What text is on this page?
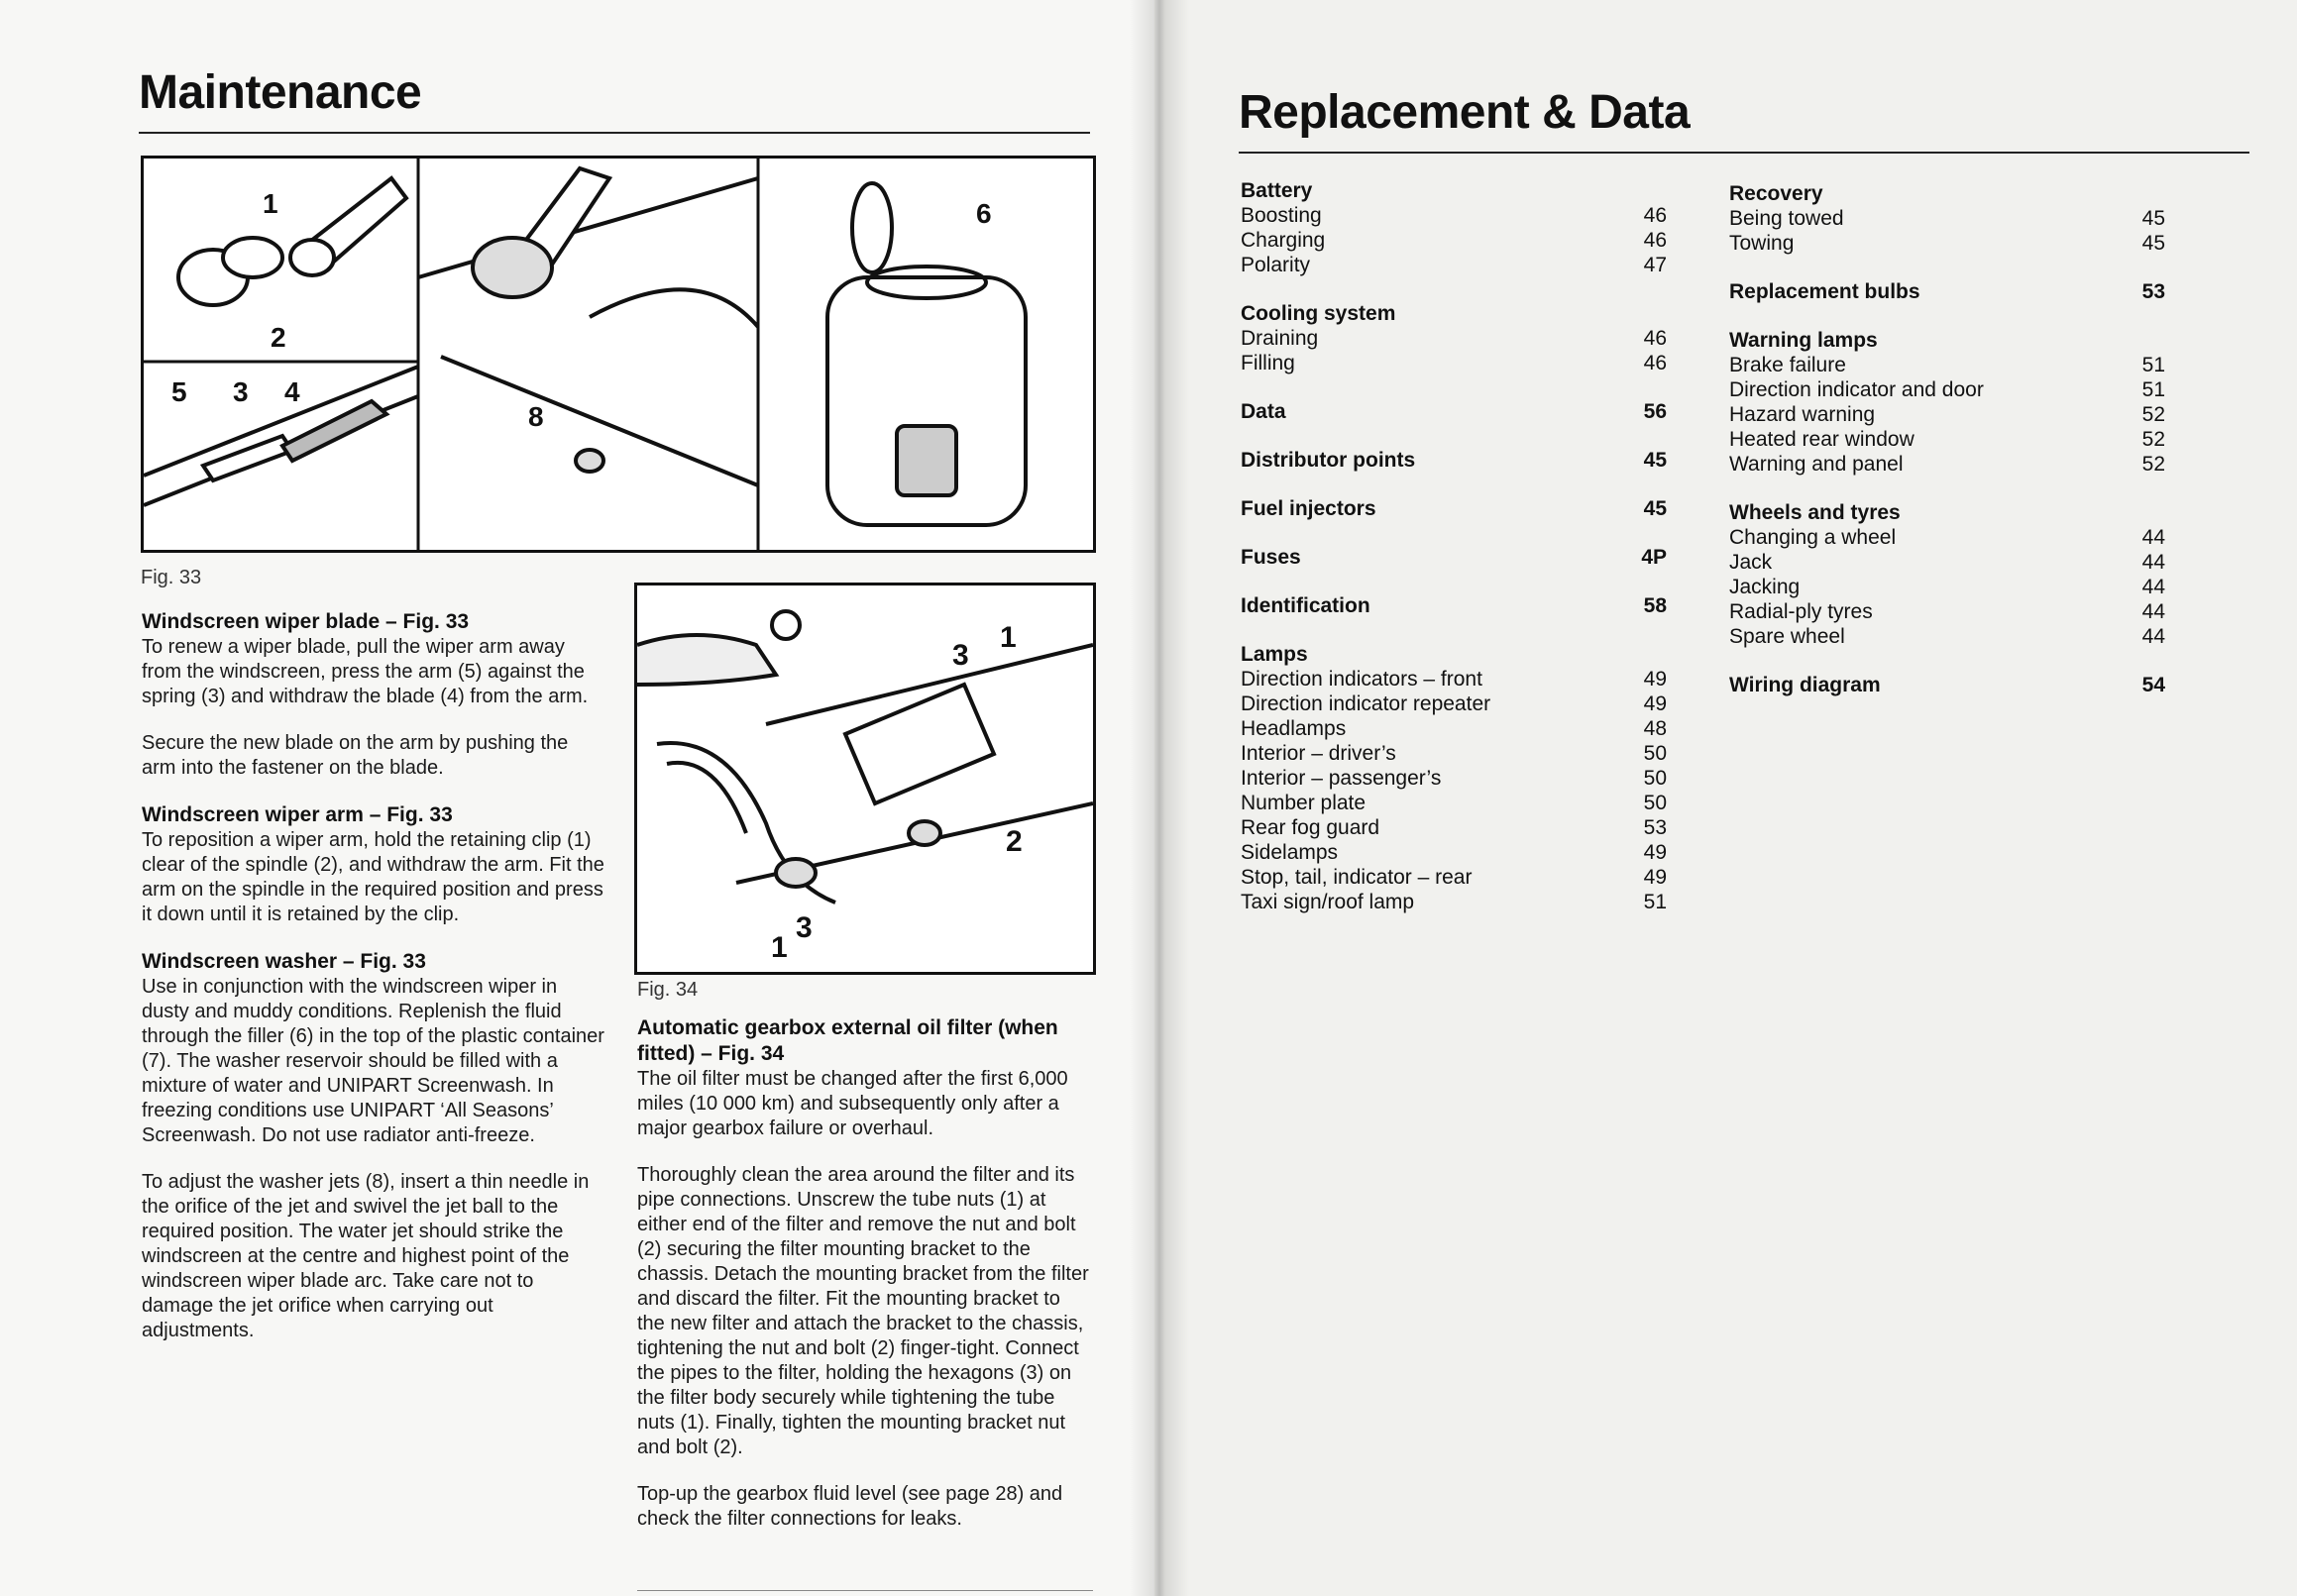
Maintenance
1
2
5 3 4
8
6
Fig. 33
3
1
2
1
3
Fig. 34
Windscreen wiper blade – Fig. 33

To renew a wiper blade, pull the wiper arm away from the windscreen, press the arm (5) against the spring (3) and withdraw the blade (4) from the arm.

Secure the new blade on the arm by pushing the arm into the fastener on the blade.

Windscreen wiper arm – Fig. 33

To reposition a wiper arm, hold the retaining clip (1) clear of the spindle (2), and withdraw the arm. Fit the arm on the spindle in the required position and press it down until it is retained by the clip.

Windscreen washer – Fig. 33

Use in conjunction with the windscreen wiper in dusty and muddy conditions. Replenish the fluid through the filler (6) in the top of the plastic container (7). The washer reservoir should be filled with a mixture of water and UNIPART Screenwash. In freezing conditions use UNIPART ‘All Seasons’ Screenwash. Do not use radiator anti-freeze.

To adjust the washer jets (8), insert a thin needle in the orifice of the jet and swivel the jet ball to the required position. The water jet should strike the windscreen at the centre and highest point of the windscreen wiper blade arc. Take care not to damage the jet orifice when carrying out adjustments.

Automatic gearbox external oil filter (when fitted) – Fig. 34

The oil filter must be changed after the first 6,000 miles (10 000 km) and subsequently only after a major gearbox failure or overhaul.

Thoroughly clean the area around the filter and its pipe connections. Unscrew the tube nuts (1) at either end of the filter and remove the nut and bolt (2) securing the filter mounting bracket to the chassis. Detach the mounting bracket from the filter and discard the filter. Fit the mounting bracket to the new filter and attach the bracket to the chassis, tightening the nut and bolt (2) finger-tight. Connect the pipes to the filter, holding the hexagons (3) on the filter body securely while tightening the tube nuts (1). Finally, tighten the mounting bracket nut and bolt (2).

Top-up the gearbox fluid level (see page 28) and check the filter connections for leaks.

Replacement & Data
Battery
Boosting	46
Charging	46
Polarity	47
Cooling system
Draining	46
Filling	46
Data	56
Distributor points	45
Fuel injectors	45
Fuses	4P
Identification	58
Lamps
Direction indicators – front	49
Direction indicator repeater	49
Headlamps	48
Interior – driver’s	50
Interior – passenger’s	50
Number plate	50
Rear fog guard	53
Sidelamps	49
Stop, tail, indicator – rear	49
Taxi sign/roof lamp	51
Recovery
Being towed	45
Towing	45
Replacement bulbs	53
Warning lamps
Brake failure	51
Direction indicator and door	51
Hazard warning	52
Heated rear window	52
Warning and panel	52
Wheels and tyres
Changing a wheel	44
Jack	44
Jacking	44
Radial-ply tyres	44
Spare wheel	44
Wiring diagram	54
